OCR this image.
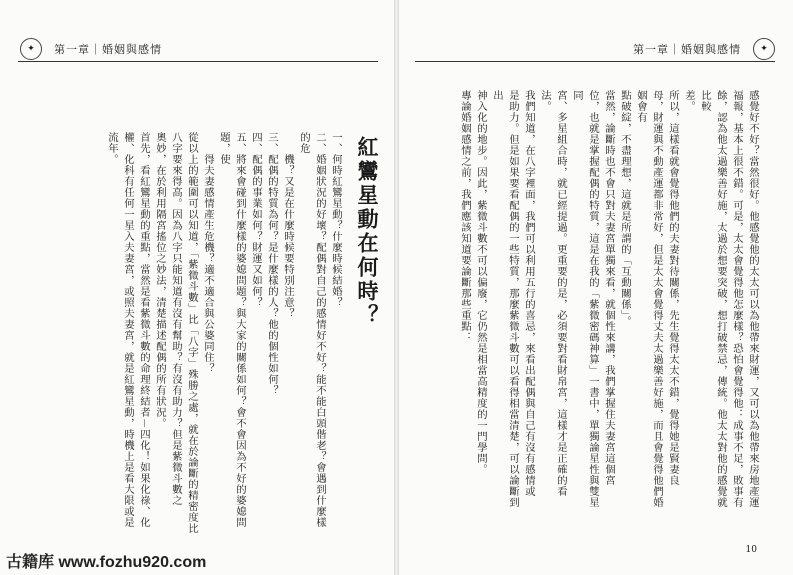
✦	第一章｜婚姻與感情
一、何時紅鸞星動？什麼時候結婚？
二、婚姻狀況的好壞？配偶對自己的感情好不好？能不能白頭偕老？會遇到什麼樣的危
　　機？又是在什麼時候要特別注意？
三、配偶的特質為何？是什麼樣的人？他的個性如何？
四、配偶的事業如何？財運又如何？
五、將來會碰到什麼樣的婆媳問題？與大家的關係如何？會不會因為不好的婆媳問題，使
　　得夫妻感情產生危機？適不適合與公婆同住？
從以上的範圍可以知道，「紫微斗數」比「八字」殊勝之處，就在於論斷的精密度比
八字要來得高。因為八字只能知道有沒有幫助？有沒有助力？但是紫微斗數之
奧妙，在於利用隔宮搖位之妙法，清楚描述配偶的所有狀況。
首先，看紅鸞星動的重點，當然是看紫微斗數的命理終結者－四化！如果化祿、化
權、化科有任何一星入夫妻宮，或照夫妻宮，就是紅鸞星動，時機上是看大限或是流年。	紅鸞星動在何時？
第一章｜婚姻與感情	✦
感覺好不好？當然很好。他感覺他的太太可以為他帶來財運，又可以為他帶來房地產運
福報，基本上很不錯。可是，太太會覺得他怎麼樣？恐怕會覺得他：成事不足，敗事有
餘，認為他太過樂善好施，太過於想要突破，想打破禁忌，傳統。他太太對他的感覺就比較
差。
所以，這樣看就會覺得他們的夫妻對待關係，先生覺得太太不錯，覺得她是賢妻良
母，財運與不動產運都非常好，但是太太會覺得丈夫太過樂善好施，而且會覺得他們婚姻會有
點破綻，不盡理想，這就是所謂的「互動關係」。
當然，論斷時也不會只對夫妻宮單獨來看，就個性來講，我們掌握住夫妻宮這個宮
位，也就是掌握配偶的特質，這是在我的「紫微密碼神算」一書中，單獨論星性與雙星同
宮、多星組合時，就已經提過。更重要的是，必須要對看財帛宮，這樣才是正確的看法。
我們知道，在八字裡面，我們可以利用五行的喜忌，來看出配偶與自己有沒有感情或
是助力。但是如果要看配偶的一些特質，那麼紫微斗數可以看得相當清楚，可以論斷到出
神入化的地步。因此，紫微斗數不可以偏廢，它仍然是相當高精度的一門學問。
專論婚姻感情之前，我們應該知道要論斷那些重點：
10
古籍库 www.fozhu920.com
